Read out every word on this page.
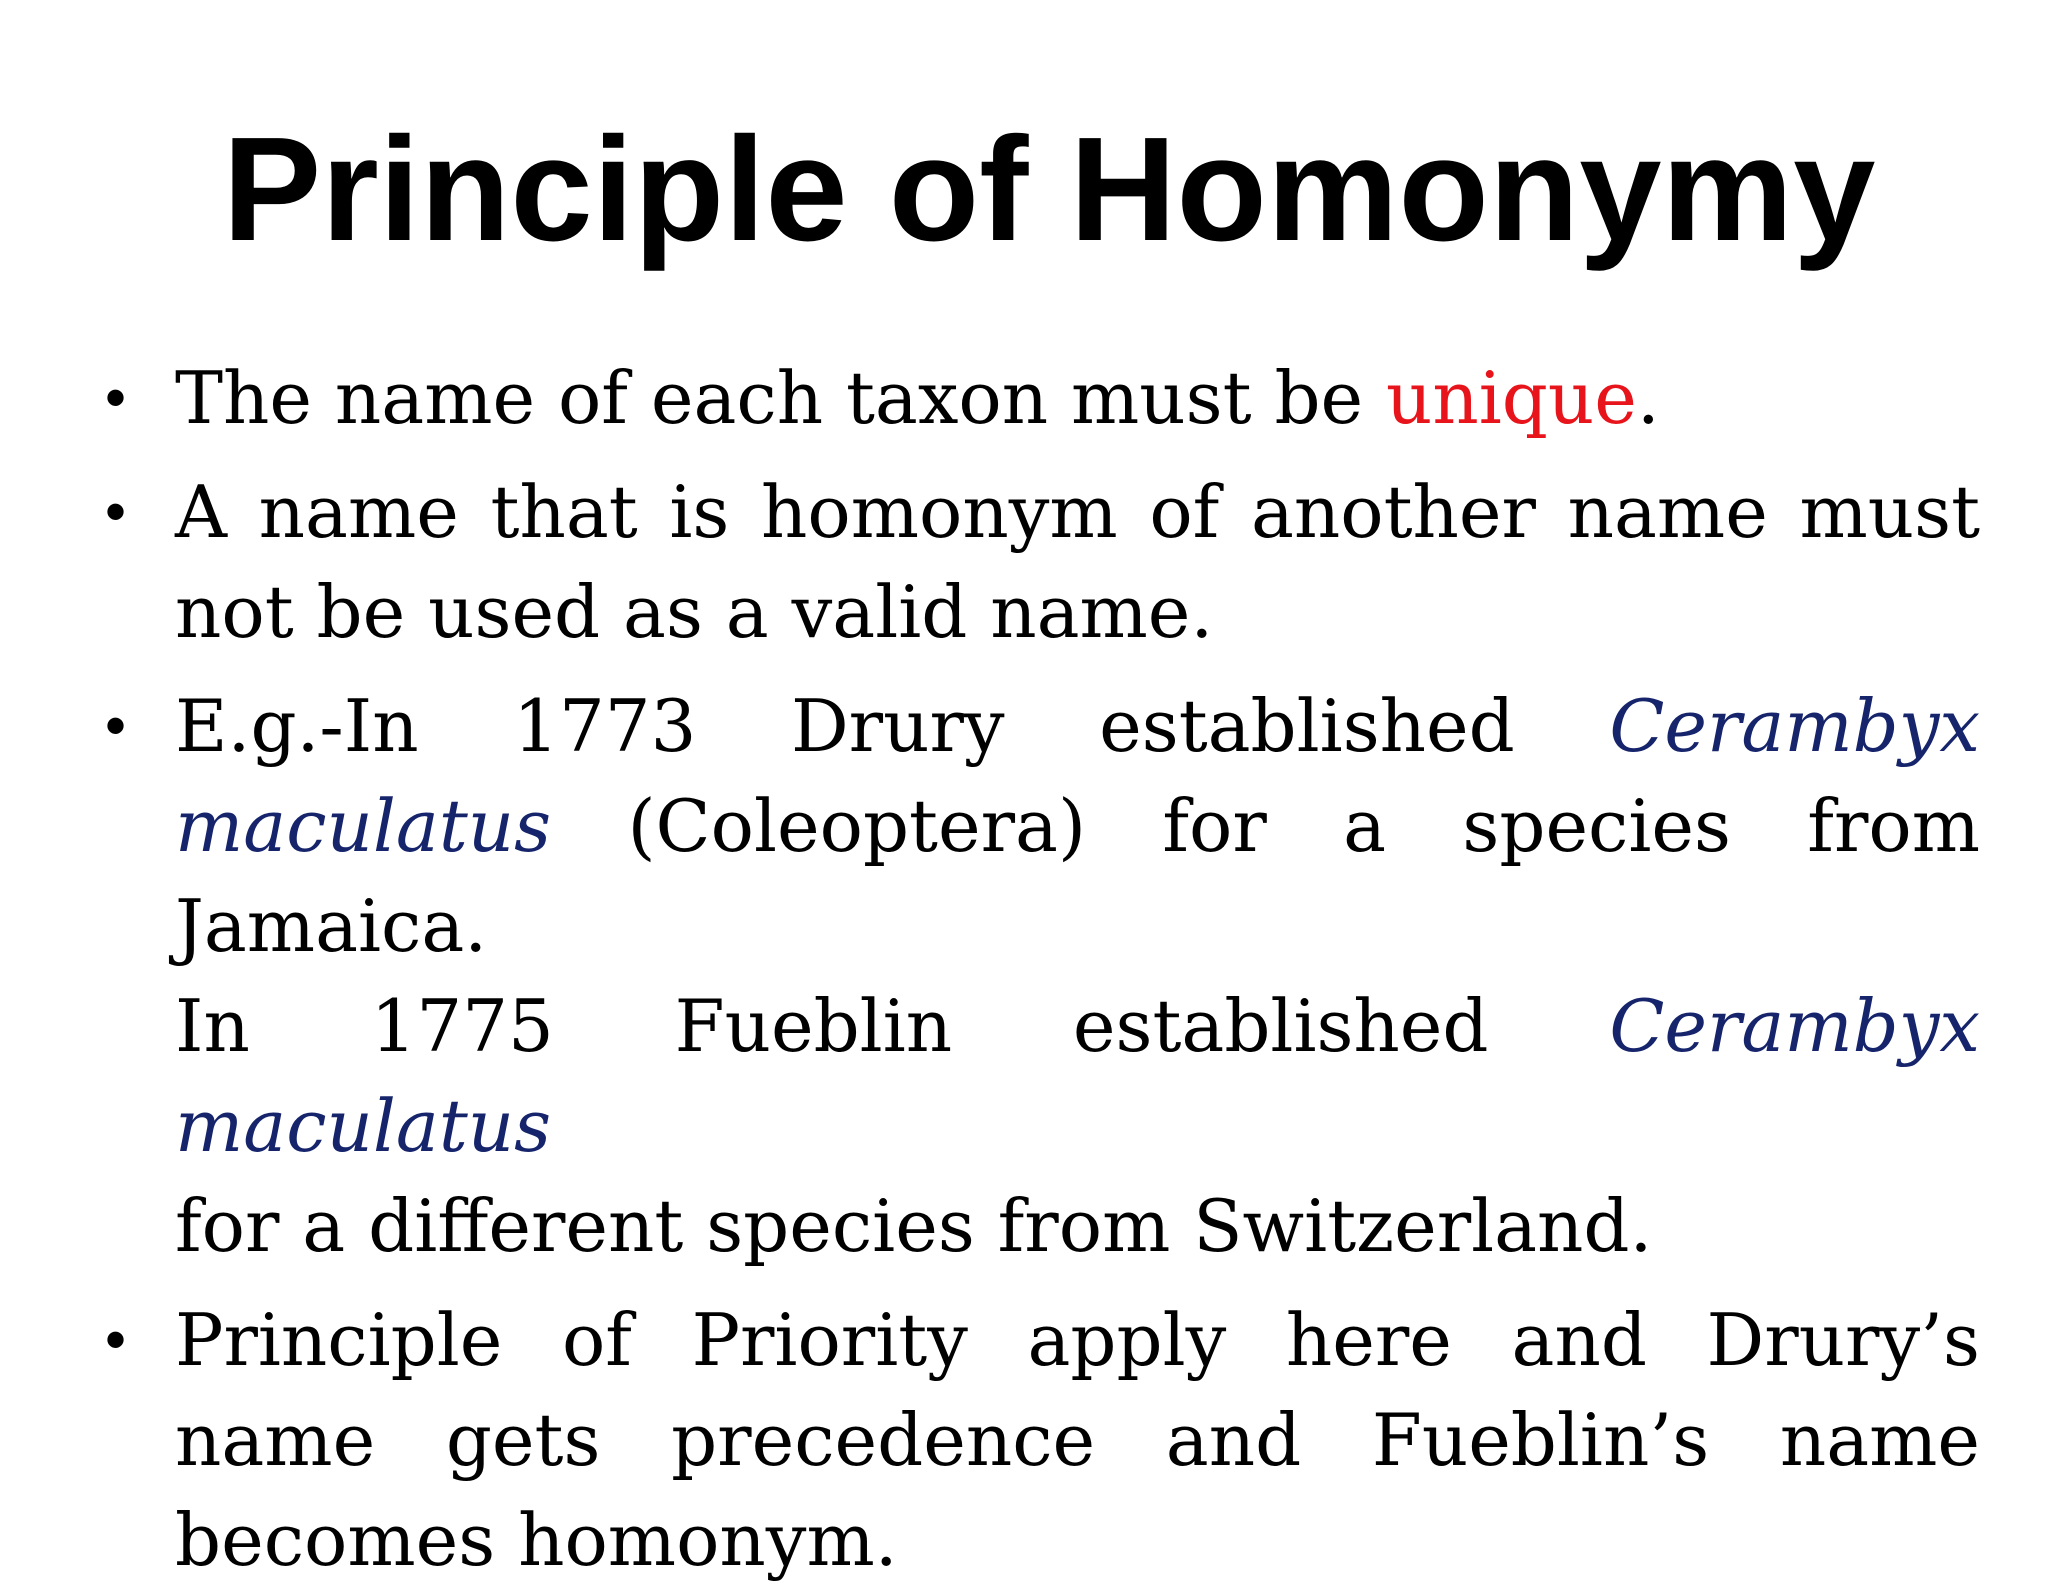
Principle of Homonymy
• The name of each taxon must be unique.
• A name that is homonym of another name must not be used as a valid name.
• E.g.-In 1773 Drury established Cerambyx
maculatus (Coleoptera) for a species from Jamaica.
In 1775 Fueblin established Cerambyx maculatus
for a different species from Switzerland.
• Principle of Priority apply here and Drury’s name gets precedence and Fueblin’s name becomes homonym.
